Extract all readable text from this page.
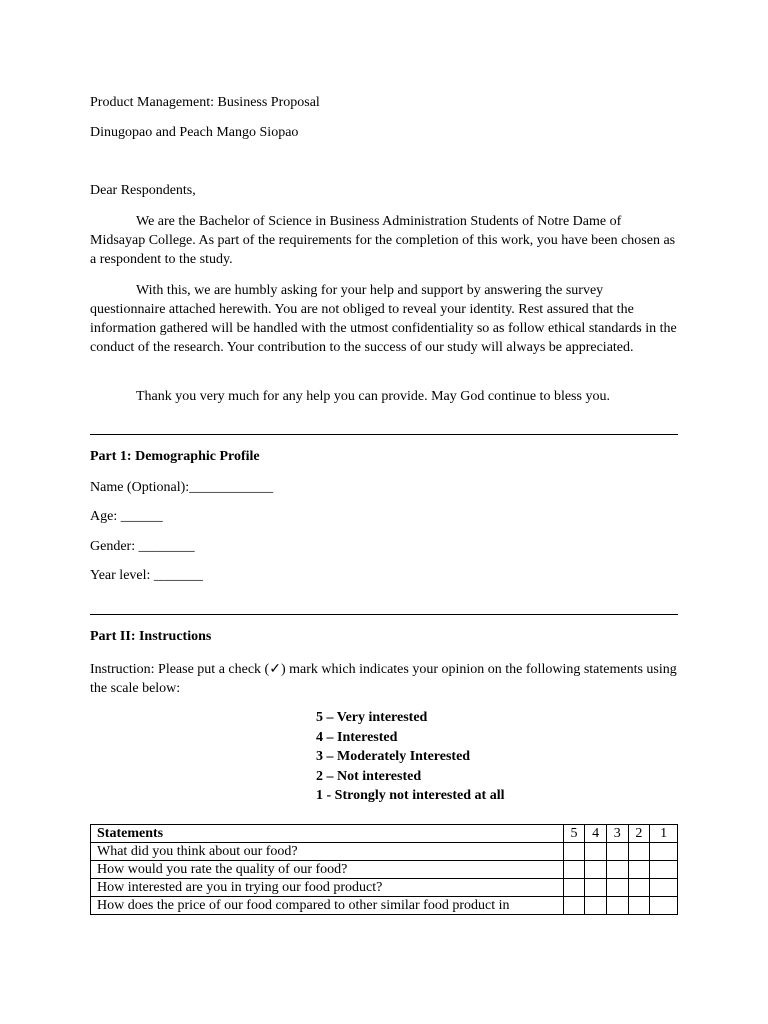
Product Management: Business Proposal
Dinugopao and Peach Mango Siopao
Dear Respondents,
We are the Bachelor of Science in Business Administration Students of Notre Dame of Midsayap College. As part of the requirements for the completion of this work, you have been chosen as a respondent to the study.
With this, we are humbly asking for your help and support by answering the survey questionnaire attached herewith. You are not obliged to reveal your identity. Rest assured that the information gathered will be handled with the utmost confidentiality so as follow ethical standards in the conduct of the research. Your contribution to the success of our study will always be appreciated.
Thank you very much for any help you can provide. May God continue to bless you.
Part 1: Demographic Profile
Name (Optional):____________
Age: ______
Gender: ________
Year level: _______
Part II: Instructions
Instruction: Please put a check (✓) mark which indicates your opinion on the following statements using the scale below:
5 – Very interested
4 – Interested
3 – Moderately Interested
2 – Not interested
1 - Strongly not interested at all
Statements	5	4	3	2	1
What did you think about our food?					
How would you rate the quality of our food?					
How interested are you in trying our food product?					
How does the price of our food compared to other similar food product in					
